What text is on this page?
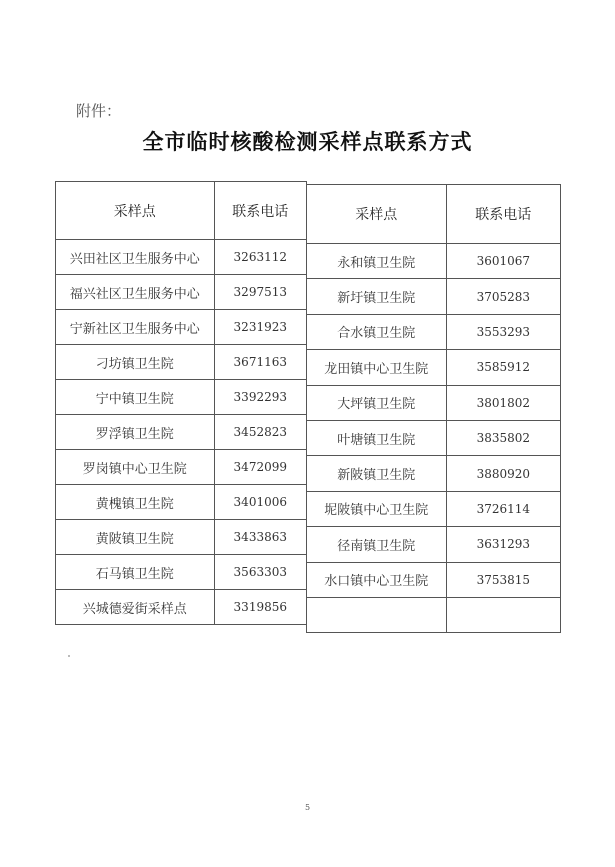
附件：
全市临时核酸检测采样点联系方式
采样点	联系电话
兴田社区卫生服务中心	3263112
福兴社区卫生服务中心	3297513
宁新社区卫生服务中心	3231923
刁坊镇卫生院	3671163
宁中镇卫生院	3392293
罗浮镇卫生院	3452823
罗岗镇中心卫生院	3472099
黄槐镇卫生院	3401006
黄陂镇卫生院	3433863
石马镇卫生院	3563303
兴城德爱街采样点	3319856
采样点	联系电话
永和镇卫生院	3601067
新圩镇卫生院	3705283
合水镇卫生院	3553293
龙田镇中心卫生院	3585912
大坪镇卫生院	3801802
叶塘镇卫生院	3835802
新陂镇卫生院	3880920
坭陂镇中心卫生院	3726114
径南镇卫生院	3631293
水口镇中心卫生院	3753815

5
